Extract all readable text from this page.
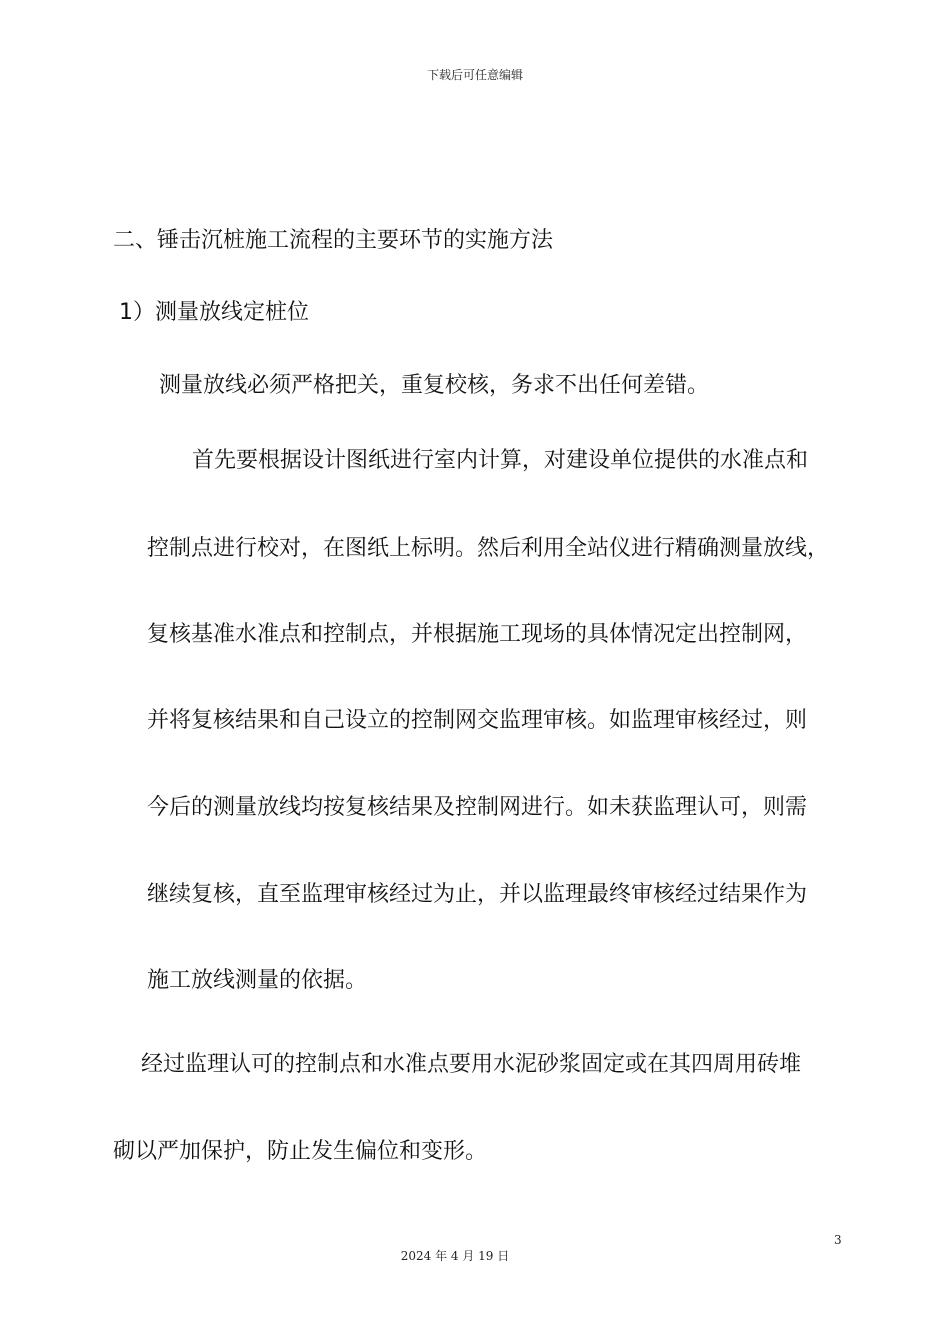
下载后可任意编辑
二、锤击沉桩施工流程的主要环节的实施方法
1）测量放线定桩位
测量放线必须严格把关，重复校核，务求不出任何差错。
首先要根据设计图纸进行室内计算，对建设单位提供的水准点和
控制点进行校对，在图纸上标明。然后利用全站仪进行精确测量放线，
复核基准水准点和控制点，并根据施工现场的具体情况定出控制网，
并将复核结果和自己设立的控制网交监理审核。如监理审核经过，则
今后的测量放线均按复核结果及控制网进行。如未获监理认可，则需
继续复核，直至监理审核经过为止，并以监理最终审核经过结果作为
施工放线测量的依据。
经过监理认可的控制点和水准点要用水泥砂浆固定或在其四周用砖堆
砌以严加保护，防止发生偏位和变形。
3
2024 年 4 月 19 日
